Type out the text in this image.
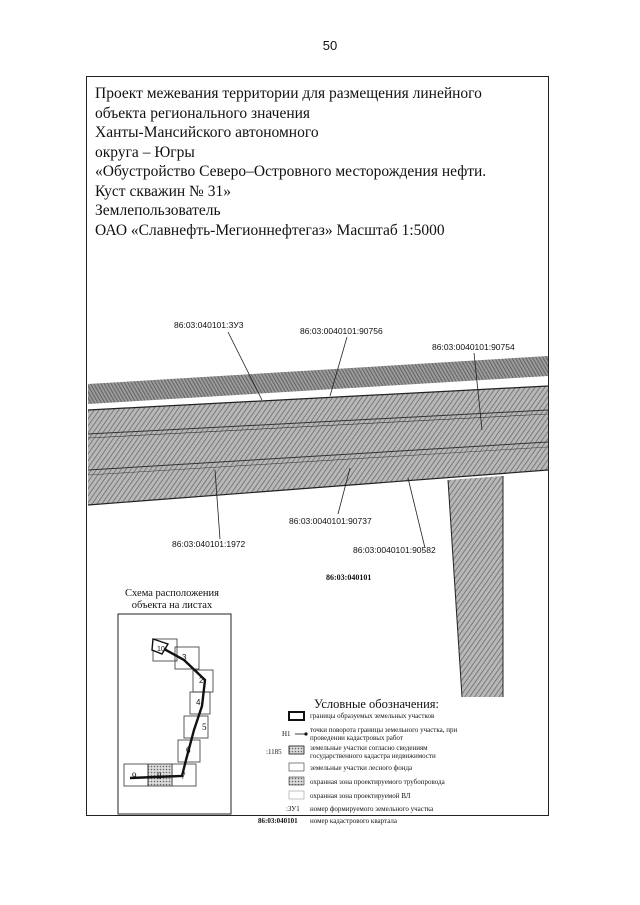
50
Проект межевания территории для размещения линейного
объекта регионального значения
Ханты-Мансийского автономного
округа – Югры
«Обустройство Северо–Островного месторождения нефти.
Куст скважин № 31»
Землепользователь
ОАО «Славнефть-Мегионнефтегаз» Масштаб 1:5000
86:03:040101:ЗУ3
86:03:0040101:90756
86:03:0040101:90754
86:03:0040101:90737
86:03:040101:1972
86:03:0040101:90582
86:03:040101
Схема расположения
объекта на листах
10
3
2
4
5
6
7
8
9
Условные обозначения:
границы образуемых земельных участков
Н1	точки поворота границы земельного участка, при проведении кадастровых работ
:1185	земельные участки согласно сведениям государственного кадастра недвижимости
земельные участки лесного фонда
охранная зона проектируемого трубопровода
охранная зона проектируемой ВЛ
:ЗУ1 номер формируемого земельного участка
86:03:040101 номер кадастрового квартала
